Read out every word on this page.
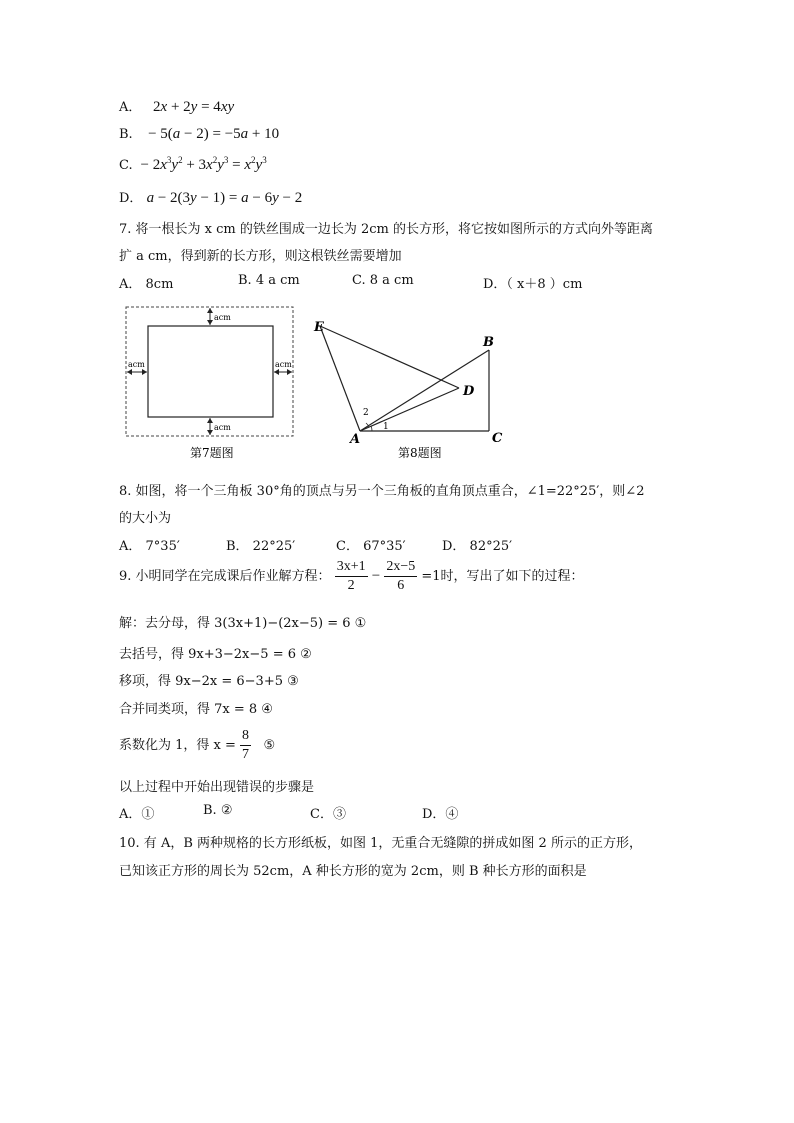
A．   2x + 2y = 4xy
B.    − 5(a − 2) = −5a + 10
C.  − $2x^3y^2 + 3x^2y^3 = x^2y^3$
D． a − 2(3y − 1) = a − 6y − 2
7. 将一根长为 x cm 的铁丝围成一边长为 2cm 的长方形，将它按如图所示的方式向外等距离
扩 a cm，得到新的长方形，则这根铁丝需要增加
A． 8cm	B. 4 a cm	C. 8 a cm	D．（ x＋8 ）cm
acm
acm
acm	acm
第7题图
E
B
D
A	C
1
2
第8题图
8. 如图，将一个三角板 30°角的顶点与另一个三角板的直角顶点重合，∠1=22°25′，则∠2
的大小为
A． 7°35′	B． 22°25′	C． 67°35′	D． 82°25′
9. 小明同学在完成课后作业解方程： $\frac{3x+1}{2} - \frac{2x-5}{6} =1$时，写出了如下的过程：
解：去分母，得 3(3x+1)−(2x−5) = 6 ①
去括号，得 9x+3−2x−5 = 6 ②
移项，得 9x−2x = 6−3+5 ③
合并同类项，得 7x = 8 ④
系数化为 1，得 $x = \frac{8}{7}$ ⑤
以上过程中开始出现错误的步骤是
A．①	B. ②	C．③	D．④
10. 有 A，B 两种规格的长方形纸板，如图 1，无重合无缝隙的拼成如图 2 所示的正方形，
已知该正方形的周长为 52cm，A 种长方形的宽为 2cm，则 B 种长方形的面积是
